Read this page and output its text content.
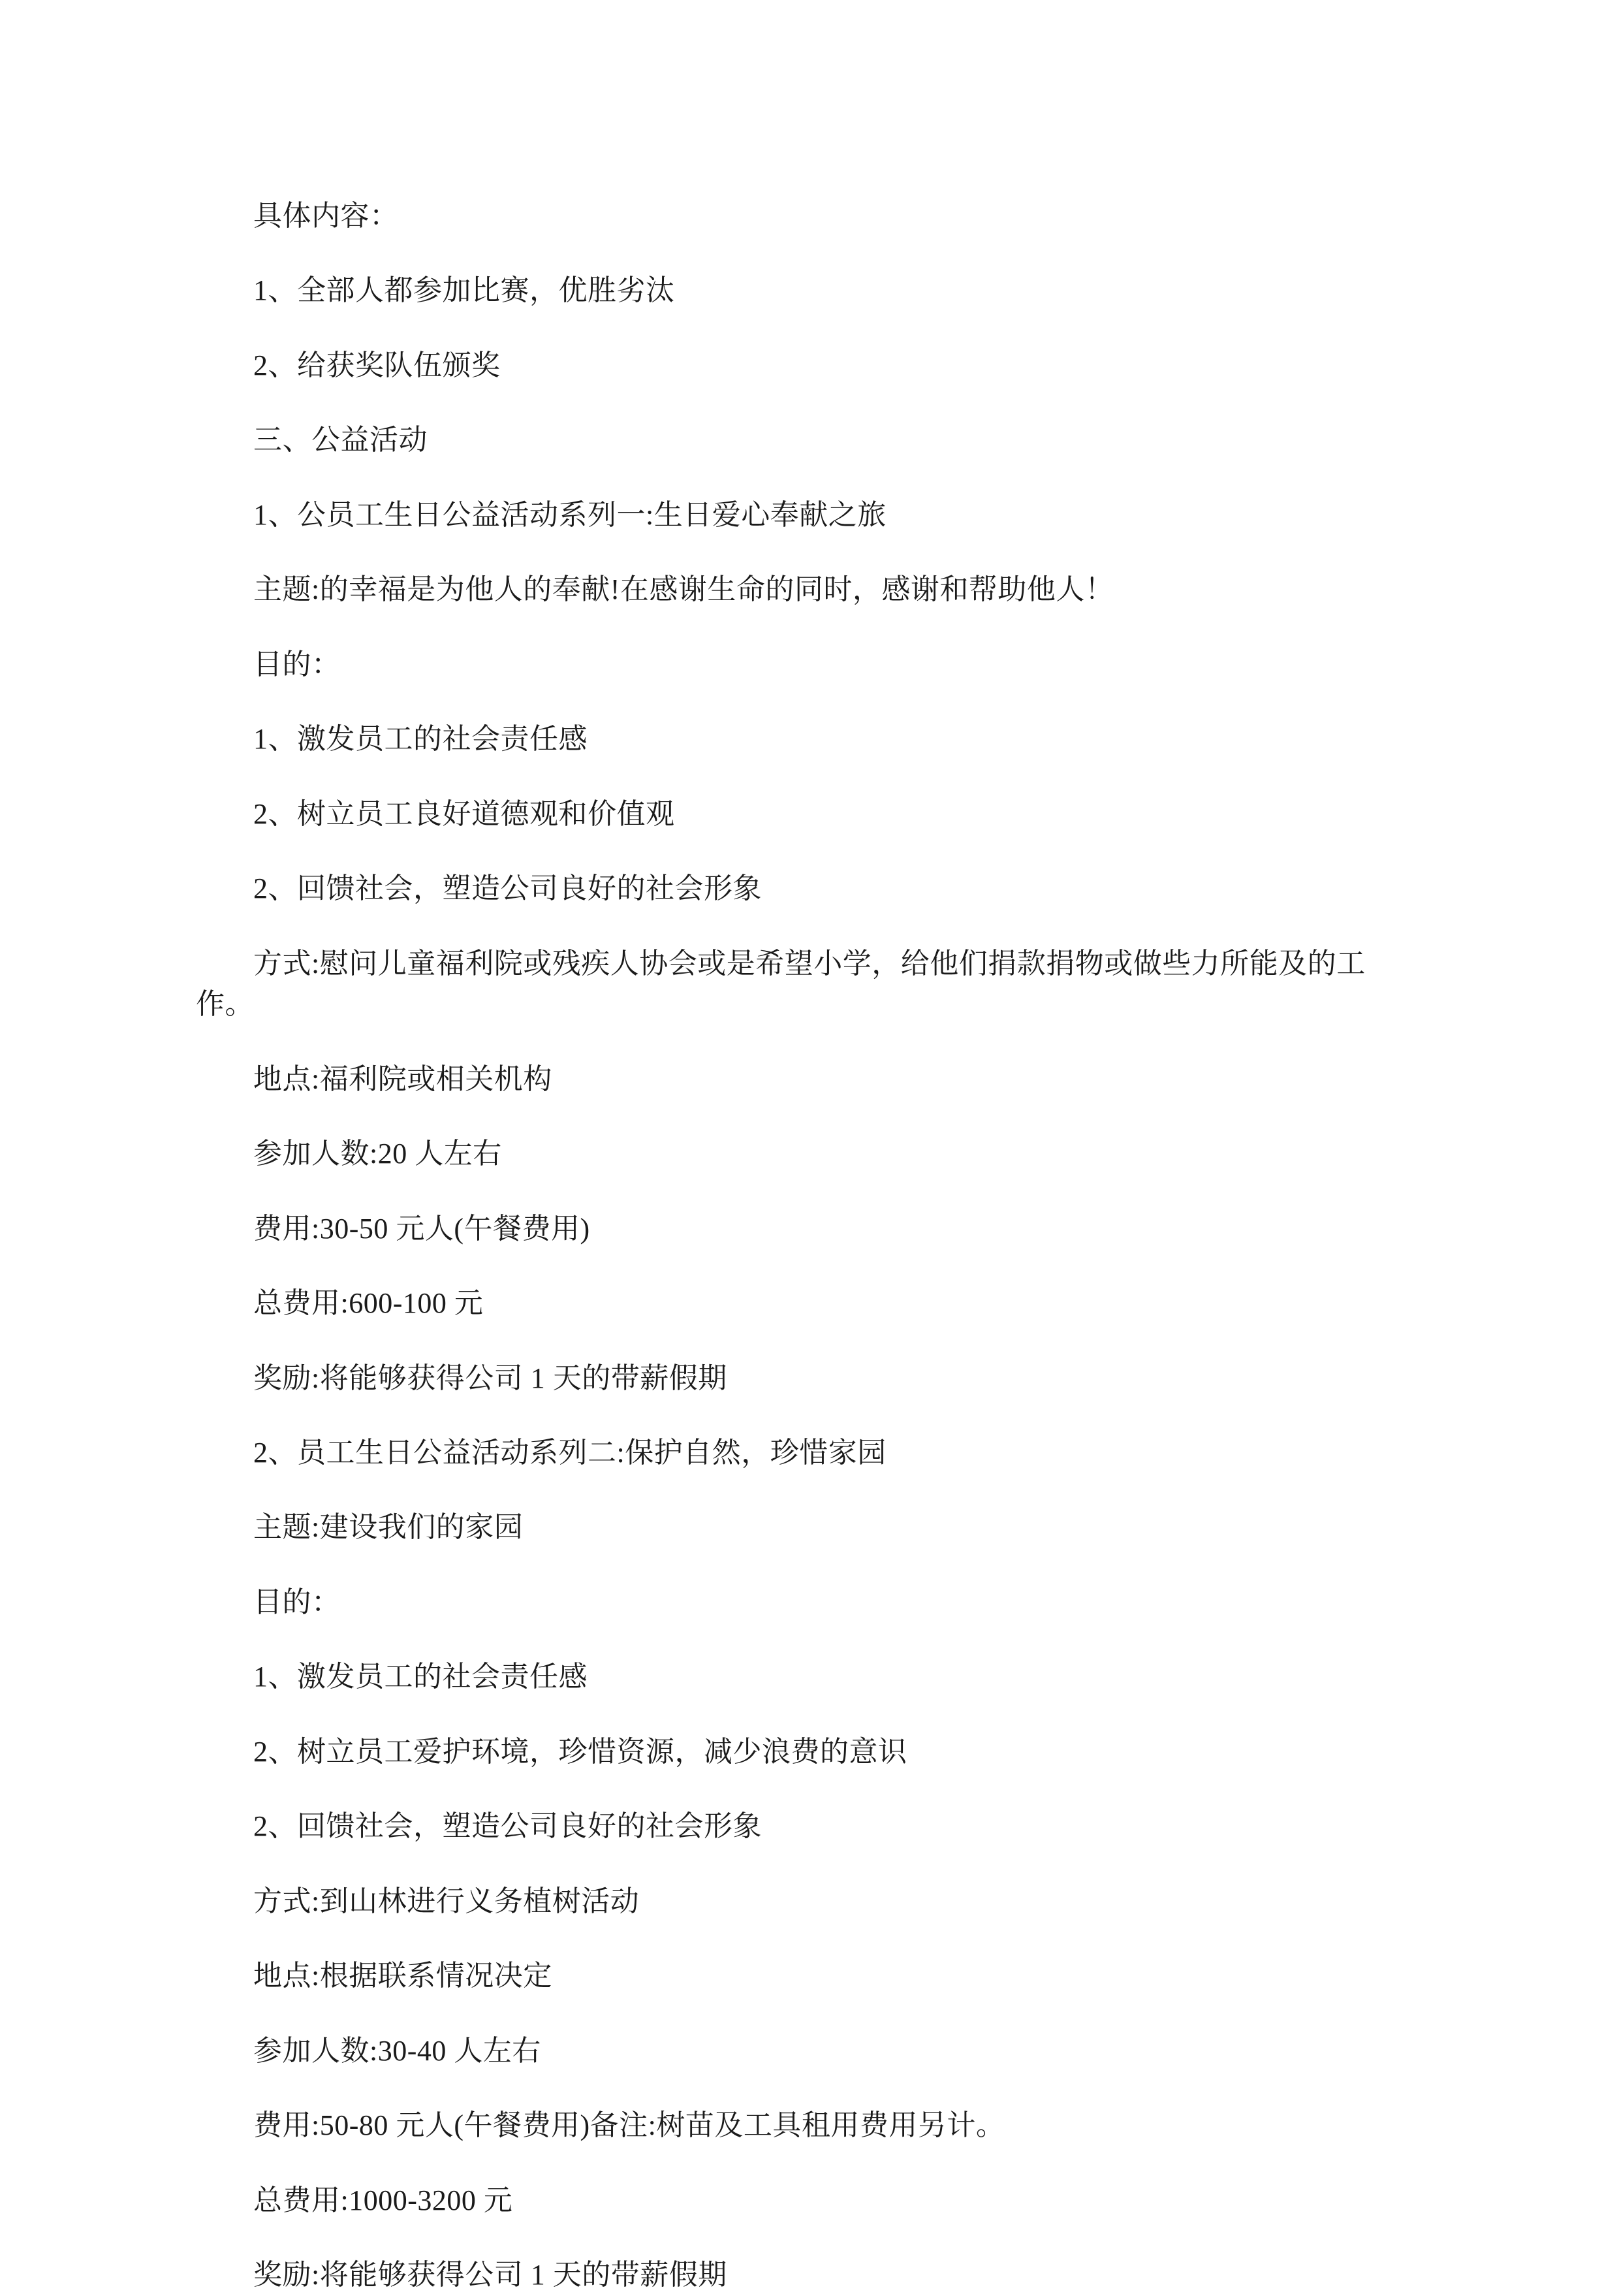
具体内容：

1、全部人都参加比赛，优胜劣汰

2、给获奖队伍颁奖

三、公益活动

1、公员工生日公益活动系列一:生日爱心奉献之旅

主题:的幸福是为他人的奉献!在感谢生命的同时，感谢和帮助他人！

目的：

1、激发员工的社会责任感

2、树立员工良好道德观和价值观

2、回馈社会，塑造公司良好的社会形象

方式:慰问儿童福利院或残疾人协会或是希望小学，给他们捐款捐物或做些力所能及的工作。

地点:福利院或相关机构

参加人数:20 人左右

费用:30-50 元人(午餐费用)

总费用:600-100 元

奖励:将能够获得公司 1 天的带薪假期

2、员工生日公益活动系列二:保护自然，珍惜家园

主题:建设我们的家园

目的：

1、激发员工的社会责任感

2、树立员工爱护环境，珍惜资源，减少浪费的意识

2、回馈社会，塑造公司良好的社会形象

方式:到山林进行义务植树活动

地点:根据联系情况决定

参加人数:30-40 人左右

费用:50-80 元人(午餐费用)备注:树苗及工具租用费用另计。

总费用:1000-3200 元

奖励:将能够获得公司 1 天的带薪假期
